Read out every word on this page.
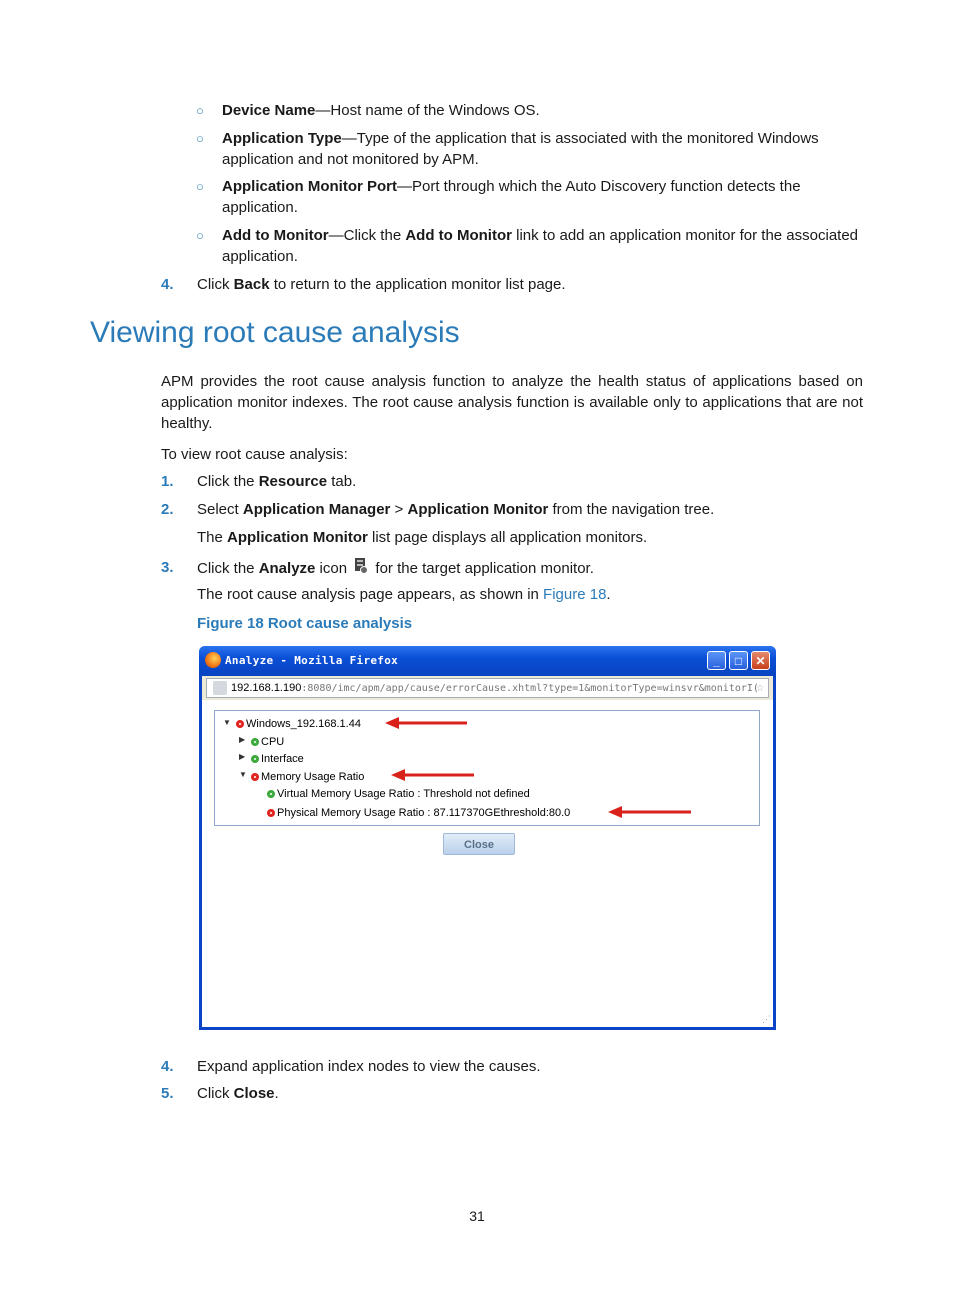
○ Device Name—Host name of the Windows OS.
○ Application Type—Type of the application that is associated with the monitored Windows application and not monitored by APM.
○ Application Monitor Port—Port through which the Auto Discovery function detects the application.
○ Add to Monitor—Click the Add to Monitor link to add an application monitor for the associated application.
4. Click Back to return to the application monitor list page.
Viewing root cause analysis
APM provides the root cause analysis function to analyze the health status of applications based on application monitor indexes. The root cause analysis function is available only to applications that are not healthy.
To view root cause analysis:
1. Click the Resource tab.
2. Select Application Manager > Application Monitor from the navigation tree.
The Application Monitor list page displays all application monitors.
3. Click the Analyze icon  for the target application monitor.
The root cause analysis page appears, as shown in Figure 18.
Figure 18 Root cause analysis
Analyze - Mozilla Firefox	_	□	✕
192.168.1.190:8080/imc/apm/app/cause/errorCause.xhtml?type=1&monitorType=winsvr&monitorI(
☆
▼	Windows_192.168.1.44
▶	CPU
▶	Interface
▼	Memory Usage Ratio
Virtual Memory Usage Ratio : Threshold not defined
Physical Memory Usage Ratio : 87.117370GEthreshold:80.0
Close
⋰
4. Expand application index nodes to view the causes.
5. Click Close.
31
